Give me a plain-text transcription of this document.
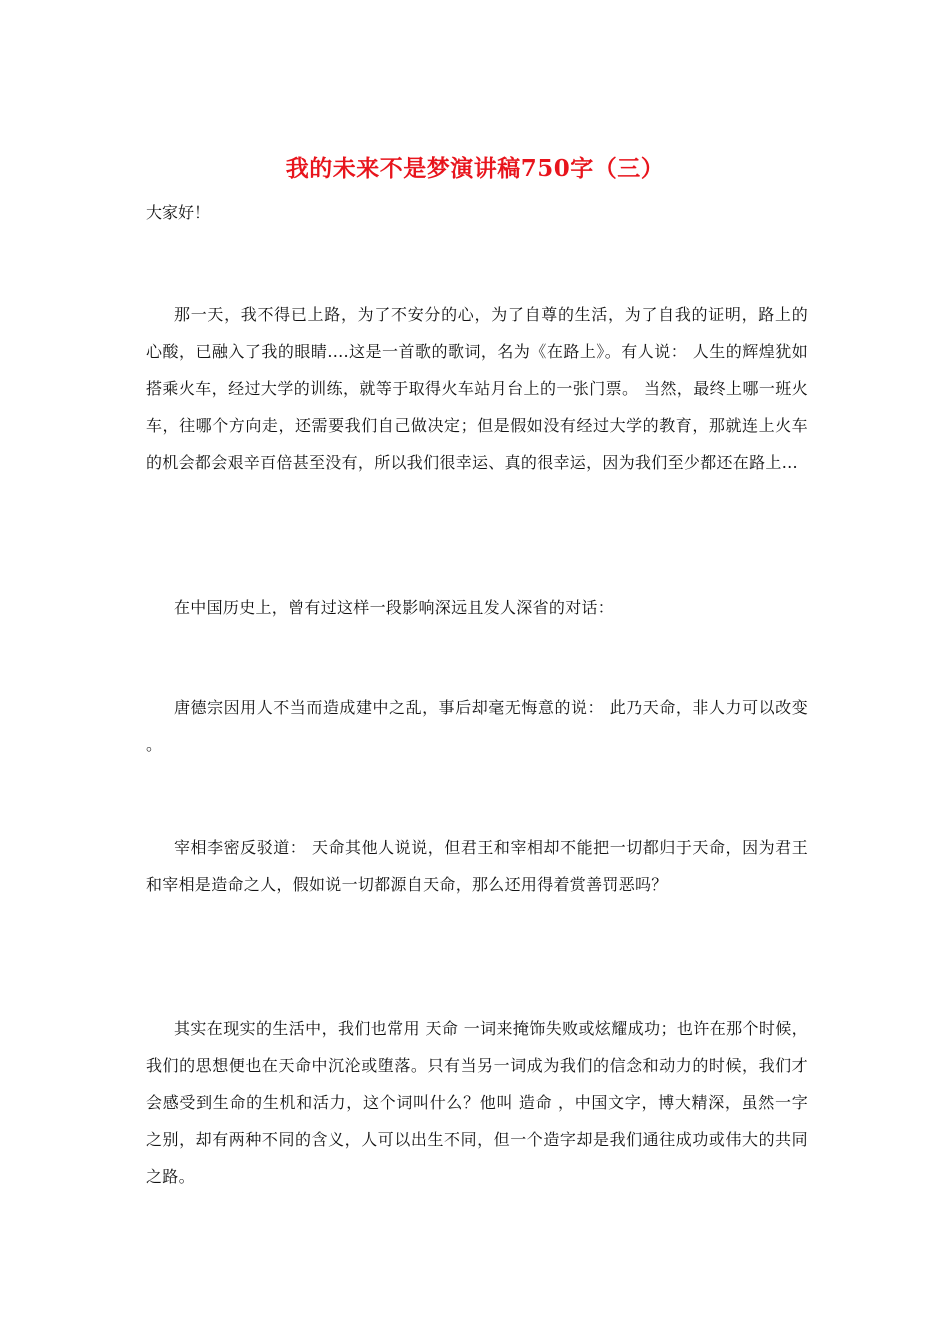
我的未来不是梦演讲稿750字（三）
大家好！
那一天，我不得已上路，为了不安分的心，为了自尊的生活，为了自我的证明，路上的心酸，已融入了我的眼睛....这是一首歌的歌词，名为《在路上》。有人说： 人生的辉煌犹如搭乘火车，经过大学的训练，就等于取得火车站月台上的一张门票。 当然，最终上哪一班火车，往哪个方向走，还需要我们自己做决定；但是假如没有经过大学的教育，那就连上火车的机会都会艰辛百倍甚至没有，所以我们很幸运、真的很幸运，因为我们至少都还在路上...
在中国历史上，曾有过这样一段影响深远且发人深省的对话：
唐德宗因用人不当而造成建中之乱，事后却毫无悔意的说： 此乃天命，非人力可以改变 。
宰相李密反驳道： 天命其他人说说，但君王和宰相却不能把一切都归于天命，因为君王和宰相是造命之人，假如说一切都源自天命，那么还用得着赏善罚恶吗？
其实在现实的生活中，我们也常用 天命 一词来掩饰失败或炫耀成功；也许在那个时候，我们的思想便也在天命中沉沦或堕落。只有当另一词成为我们的信念和动力的时候，我们才会感受到生命的生机和活力，这个词叫什么？他叫 造命 ，中国文字，博大精深，虽然一字之别，却有两种不同的含义，人可以出生不同，但一个造字却是我们通往成功或伟大的共同之路。
